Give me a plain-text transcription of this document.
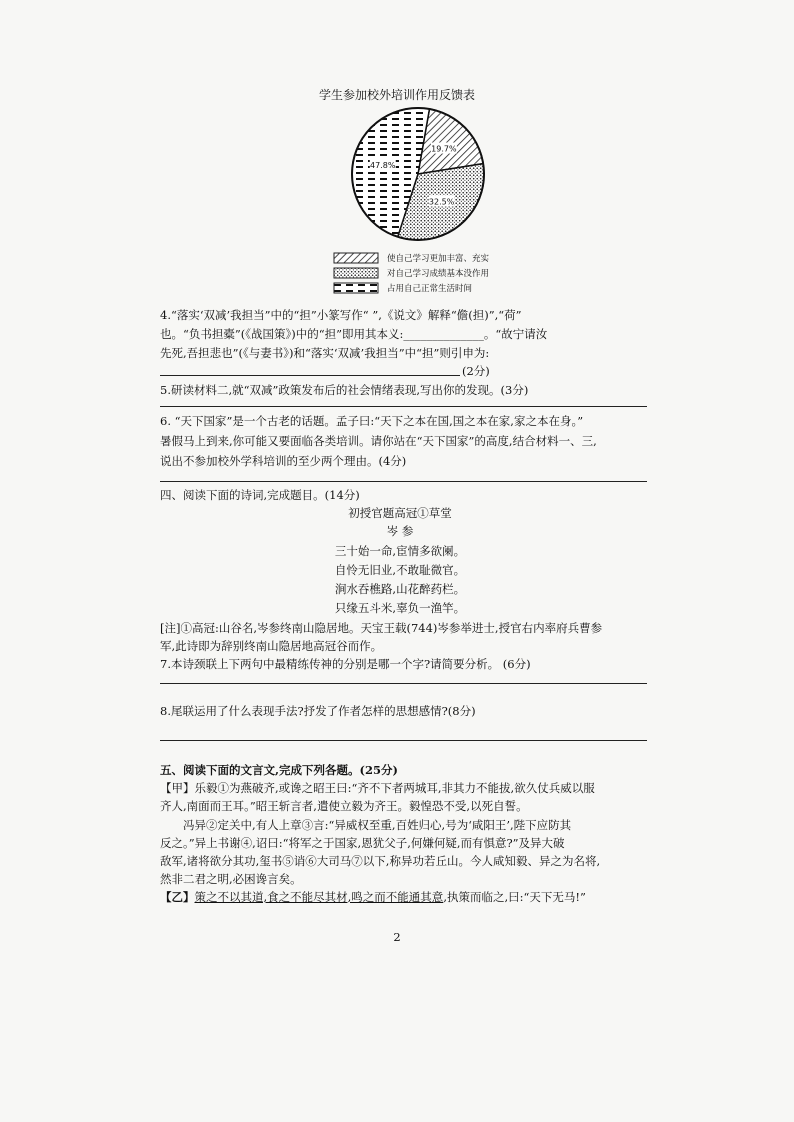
学生参加校外培训作用反馈表
19.7%
32.5%
47.8%
使自己学习更加丰富、充实
对自己学习成绩基本没作用
占用自己正常生活时间
4.“落实‘双减’我担当”中的“担”小篆写作“ ”,《说文》解释“儋(担)”,“荷”
也。“负书担橐”(《战国策》)中的“担”即用其本义:______________。“故宁请汝
先死,吾担悲也”(《与妻书》)和“落实‘双减’我担当”中“担”则引申为:
(2分)
5.研读材料二,就“双减”政策发布后的社会情绪表现,写出你的发现。(3分)
6. “天下国家”是一个古老的话题。孟子曰:“天下之本在国,国之本在家,家之本在身。”
暑假马上到来,你可能又要面临各类培训。请你站在“天下国家”的高度,结合材料一、三,
说出不参加校外学科培训的至少两个理由。(4分)
四、阅读下面的诗词,完成题目。(14分)
初授官题高冠①草堂
岑 参
三十始一命,宦情多欲阑。
自怜无旧业,不敢耻微官。
涧水吞樵路,山花醉药栏。
只缘五斗米,辜负一渔竿。
[注]①高冠:山谷名,岑参终南山隐居地。天宝王载(744)岑参举进士,授官右内率府兵曹参
军,此诗即为辞别终南山隐居地高冠谷而作。
7.本诗颈联上下两句中最精练传神的分别是哪一个字?请简要分析。 (6分)
8.尾联运用了什么表现手法?抒发了作者怎样的思想感情?(8分)
五、阅读下面的文言文,完成下列各题。(25分)
【甲】乐毅①为燕破齐,或谗之昭王曰:“齐不下者两城耳,非其力不能拔,欲久仗兵威以服
齐人,南面而王耳。”昭王斩言者,遣使立毅为齐王。毅惶恐不受,以死自誓。
冯异②定关中,有人上章③言:“异威权至重,百姓归心,号为‘咸阳王’,陛下应防其
反之。”异上书谢④,诏曰:“将军之于国家,恩犹父子,何嫌何疑,而有惧意?”及异大破
敌军,诸将欲分其功,玺书⑤诮⑥大司马⑦以下,称异功若丘山。今人咸知毅、异之为名将,
然非二君之明,必困谗言矣。
【乙】策之不以其道,食之不能尽其材,鸣之而不能通其意,执策而临之,曰:“天下无马!”
2
